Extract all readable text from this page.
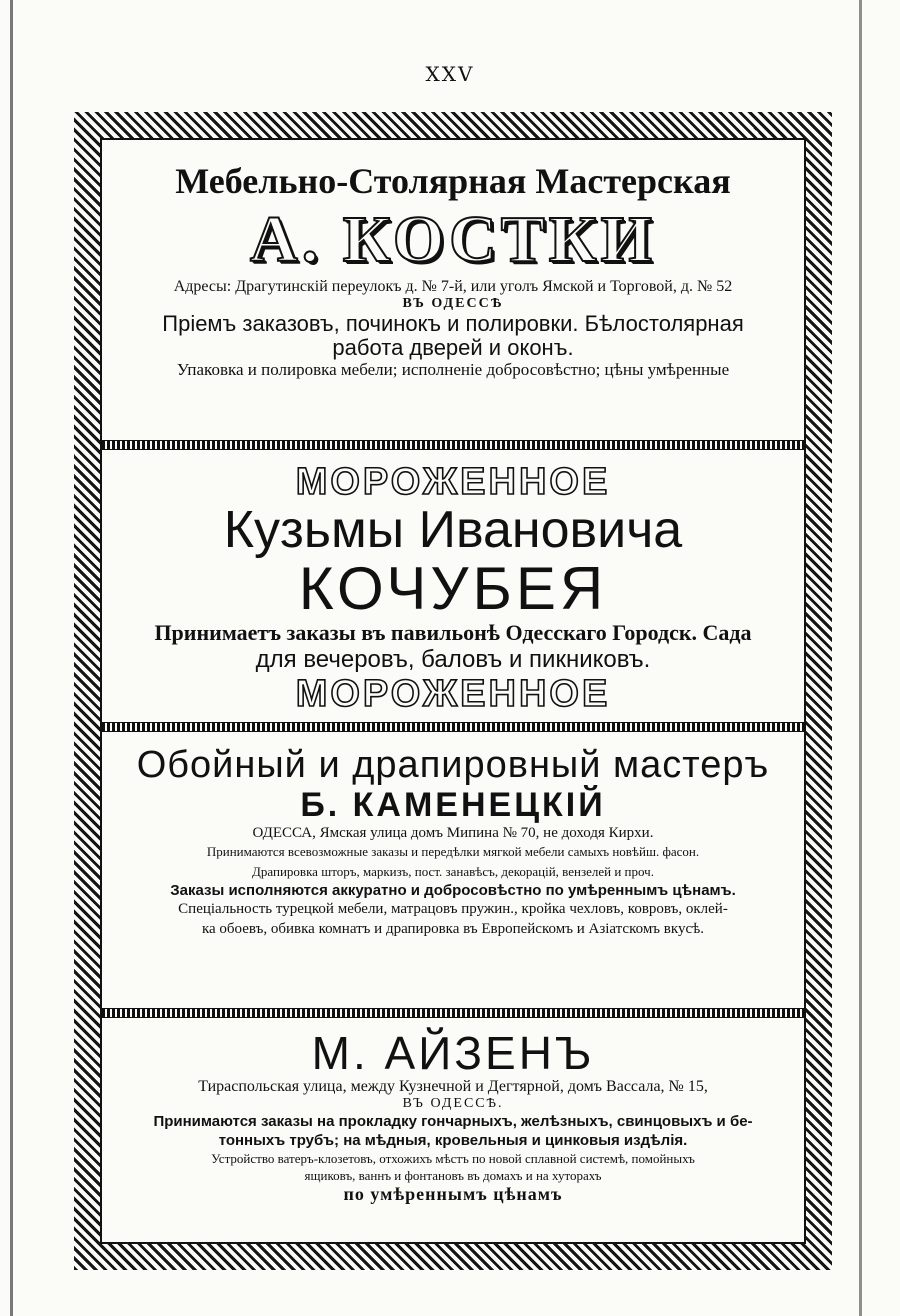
XXV

Мебельно-Столярная Мастерская

А. КОСТКИ

Адресы: Драгутинскій переулокъ д. № 7-й, или уголъ Ямской и Торговой, д. № 52

ВЪ ОДЕССѢ

Пріемъ заказовъ, починокъ и полировки. Бѣлостолярная

работа дверей и оконъ.

Упаковка и полировка мебели; исполненіе добросовѣстно; цѣны умѣренные

МОРОЖЕННОЕ

Кузьмы Ивановича

КОЧУБЕЯ

Принимаетъ заказы въ павильонѣ Одесскаго Городск. Сада

для вечеровъ, баловъ и пикниковъ.

МОРОЖЕННОЕ

Обойный и драпировный мастеръ

Б. КАМЕНЕЦКІЙ

ОДЕССА, Ямская улица домъ Мипина № 70, не доходя Кирхи.

Принимаются всевозможные заказы и передѣлки мягкой мебели самыхъ новѣйш. фасон.

Драпировка шторъ, маркизъ, пост. занавѣсъ, декорацій, вензелей и проч.

Заказы исполняются аккуратно и добросовѣстно по умѣреннымъ цѣнамъ.

Спеціальность турецкой мебели, матрацовъ пружин., кройка чехловъ, ковровъ, оклей-

ка обоевъ, обивка комнатъ и драпировка въ Европейскомъ и Азіатскомъ вкусѣ.

М. АЙЗЕНЪ

Тираспольская улица, между Кузнечной и Дегтярной, домъ Вассала, № 15,

ВЪ ОДЕССѢ.

Принимаются заказы на прокладку гончарныхъ, желѣзныхъ, свинцовыхъ и бе-

тонныхъ трубъ; на мѣдныя, кровельныя и цинковыя издѣлія.

Устройство ватеръ-клозетовъ, отхожихъ мѣстъ по новой сплавной системѣ, помойныхъ

ящиковъ, ваннъ и фонтановъ въ домахъ и на хуторахъ

по умѣреннымъ цѣнамъ
